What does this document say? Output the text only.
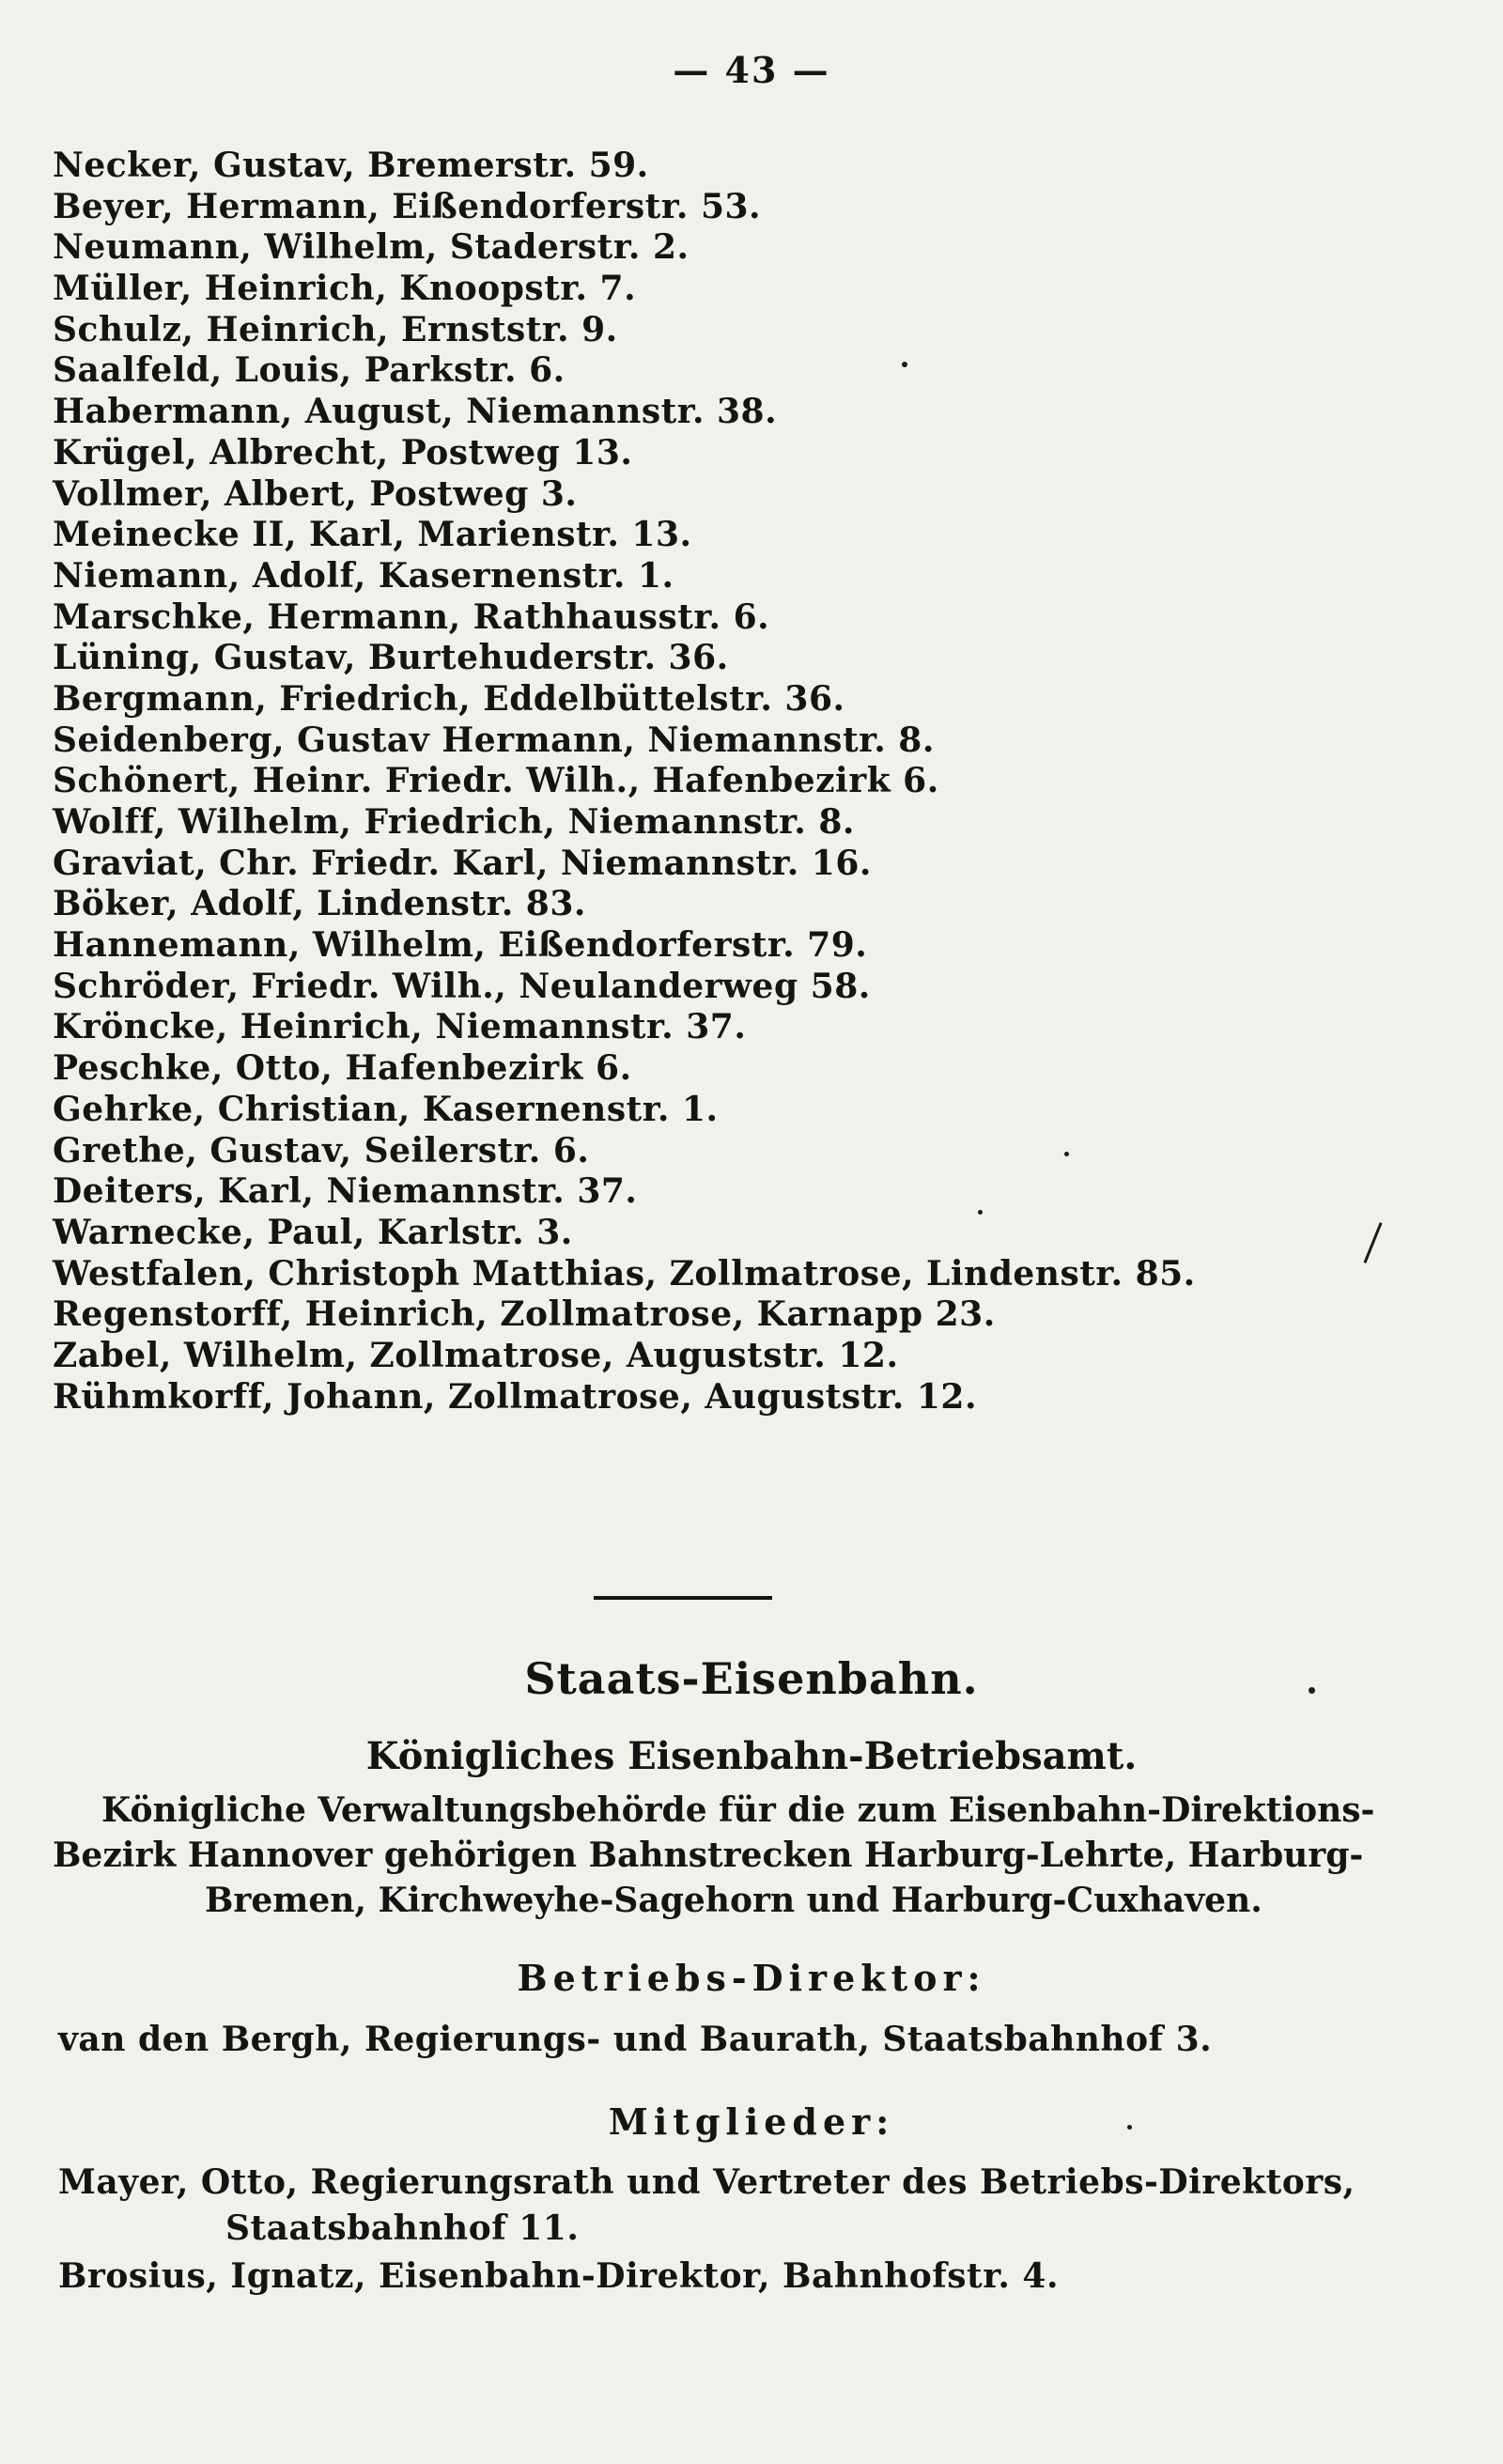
— 43 —
Necker, Gustav, Bremerstr. 59.
Beyer, Hermann, Eißendorferstr. 53.
Neumann, Wilhelm, Staderstr. 2.
Müller, Heinrich, Knoopstr. 7.
Schulz, Heinrich, Ernststr. 9.
Saalfeld, Louis, Parkstr. 6.
Habermann, August, Niemannstr. 38.
Krügel, Albrecht, Postweg 13.
Vollmer, Albert, Postweg 3.
Meinecke II, Karl, Marienstr. 13.
Niemann, Adolf, Kasernenstr. 1.
Marschke, Hermann, Rathhausstr. 6.
Lüning, Gustav, Burtehuderstr. 36.
Bergmann, Friedrich, Eddelbüttelstr. 36.
Seidenberg, Gustav Hermann, Niemannstr. 8.
Schönert, Heinr. Friedr. Wilh., Hafenbezirk 6.
Wolff, Wilhelm, Friedrich, Niemannstr. 8.
Graviat, Chr. Friedr. Karl, Niemannstr. 16.
Böker, Adolf, Lindenstr. 83.
Hannemann, Wilhelm, Eißendorferstr. 79.
Schröder, Friedr. Wilh., Neulanderweg 58.
Kröncke, Heinrich, Niemannstr. 37.
Peschke, Otto, Hafenbezirk 6.
Gehrke, Christian, Kasernenstr. 1.
Grethe, Gustav, Seilerstr. 6.
Deiters, Karl, Niemannstr. 37.
Warnecke, Paul, Karlstr. 3.
Westfalen, Christoph Matthias, Zollmatrose, Lindenstr. 85.
Regenstorff, Heinrich, Zollmatrose, Karnapp 23.
Zabel, Wilhelm, Zollmatrose, Auguststr. 12.
Rühmkorff, Johann, Zollmatrose, Auguststr. 12.
Staats-Eisenbahn.
Königliches Eisenbahn-Betriebsamt.
Königliche Verwaltungsbehörde für die zum Eisenbahn-Direktions-
Bezirk Hannover gehörigen Bahnstrecken Harburg-Lehrte, Harburg-
Bremen, Kirchweyhe-Sagehorn und Harburg-Cuxhaven.
Betriebs-Direktor:
van den Bergh, Regierungs- und Baurath, Staatsbahnhof 3.
Mitglieder:
Mayer, Otto, Regierungsrath und Vertreter des Betriebs-Direktors,
Staatsbahnhof 11.
Brosius, Ignatz, Eisenbahn-Direktor, Bahnhofstr. 4.
